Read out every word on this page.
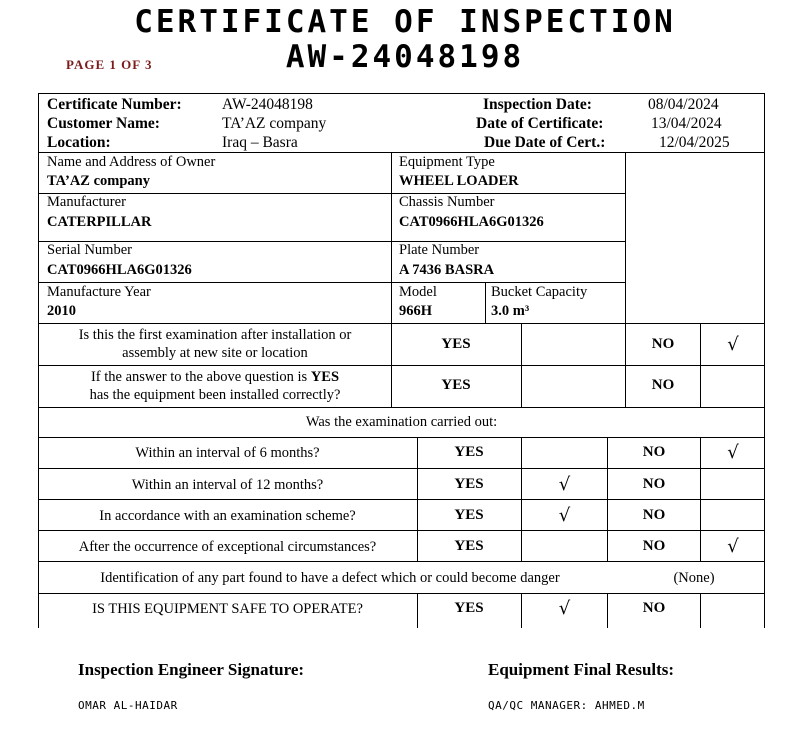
CERTIFICATE OF INSPECTION
AW-24048198
PAGE 1 OF 3
Certificate Number:	AW-24048198
Customer Name:	TA’AZ company
Location:	Iraq – Basra
Inspection Date:	08/04/2024
Date of Certificate:	13/04/2024
Due Date of Cert.:	12/04/2025
Name and Address of Owner
TA’AZ company
Equipment Type
WHEEL LOADER
Manufacturer
CATERPILLAR
Chassis Number
CAT0966HLA6G01326
Serial Number
CAT0966HLA6G01326
Plate Number
A 7436 BASRA
Manufacture Year
2010
Model
966H
Bucket Capacity
3.0 m³
Is this the first examination after installation or
assembly at new site or location
YES	NO	√
If the answer to the above question is YES
has the equipment been installed correctly?
YES	NO
Was the examination carried out:
Within an interval of 6 months?	YES	NO	√
Within an interval of 12 months?	YES	√	NO
In accordance with an examination scheme?	YES	√	NO
After the occurrence of exceptional circumstances?	YES	NO	√
Identification of any part found to have a defect which or could become danger	(None)
IS THIS EQUIPMENT SAFE TO OPERATE?	YES	√	NO
Inspection Engineer Signature:
OMAR AL-HAIDAR
Equipment Final Results:
QA/QC MANAGER: AHMED.M
